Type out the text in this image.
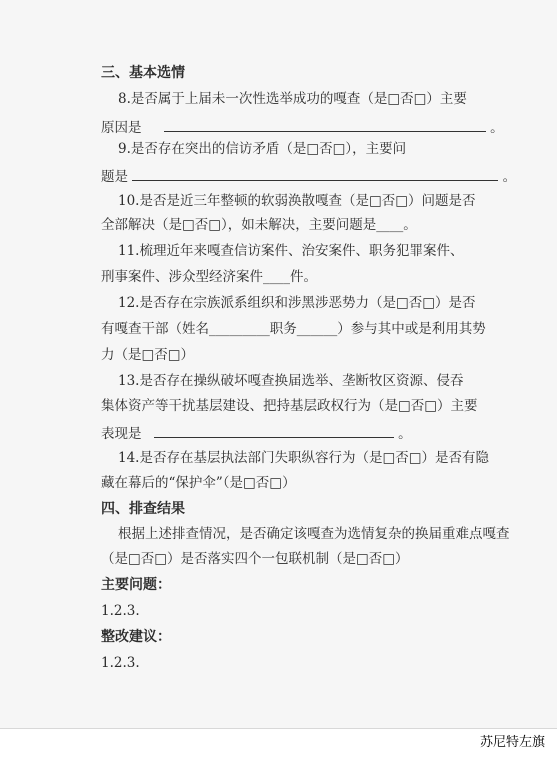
三、基本选情
8.是否属于上届未一次性选举成功的嘎查（是□否□）主要
原因是	。
9.是否存在突出的信访矛盾（是□否□），主要问
题是	。
10.是否是近三年整顿的软弱涣散嘎查（是□否□）问题是否
全部解决（是□否□），如未解决，主要问题是____。
11.梳理近年来嘎查信访案件、治安案件、职务犯罪案件、
刑事案件、涉众型经济案件____件。
12.是否存在宗族派系组织和涉黑涉恶势力（是□否□）是否
有嘎查干部（姓名_________职务______）参与其中或是利用其势
力（是□否□）
13.是否存在操纵破坏嘎查换届选举、垄断牧区资源、侵吞
集体资产等干扰基层建设、把持基层政权行为（是□否□）主要
表现是	。
14.是否存在基层执法部门失职纵容行为（是□否□）是否有隐
藏在幕后的“保护伞”（是□否□）
四、排查结果
根据上述排查情况，是否确定该嘎查为选情复杂的换届重难点嘎查
（是□否□）是否落实四个一包联机制（是□否□）
主要问题：
1.2.3.
整改建议：
1.2.3.
苏尼特左旗
